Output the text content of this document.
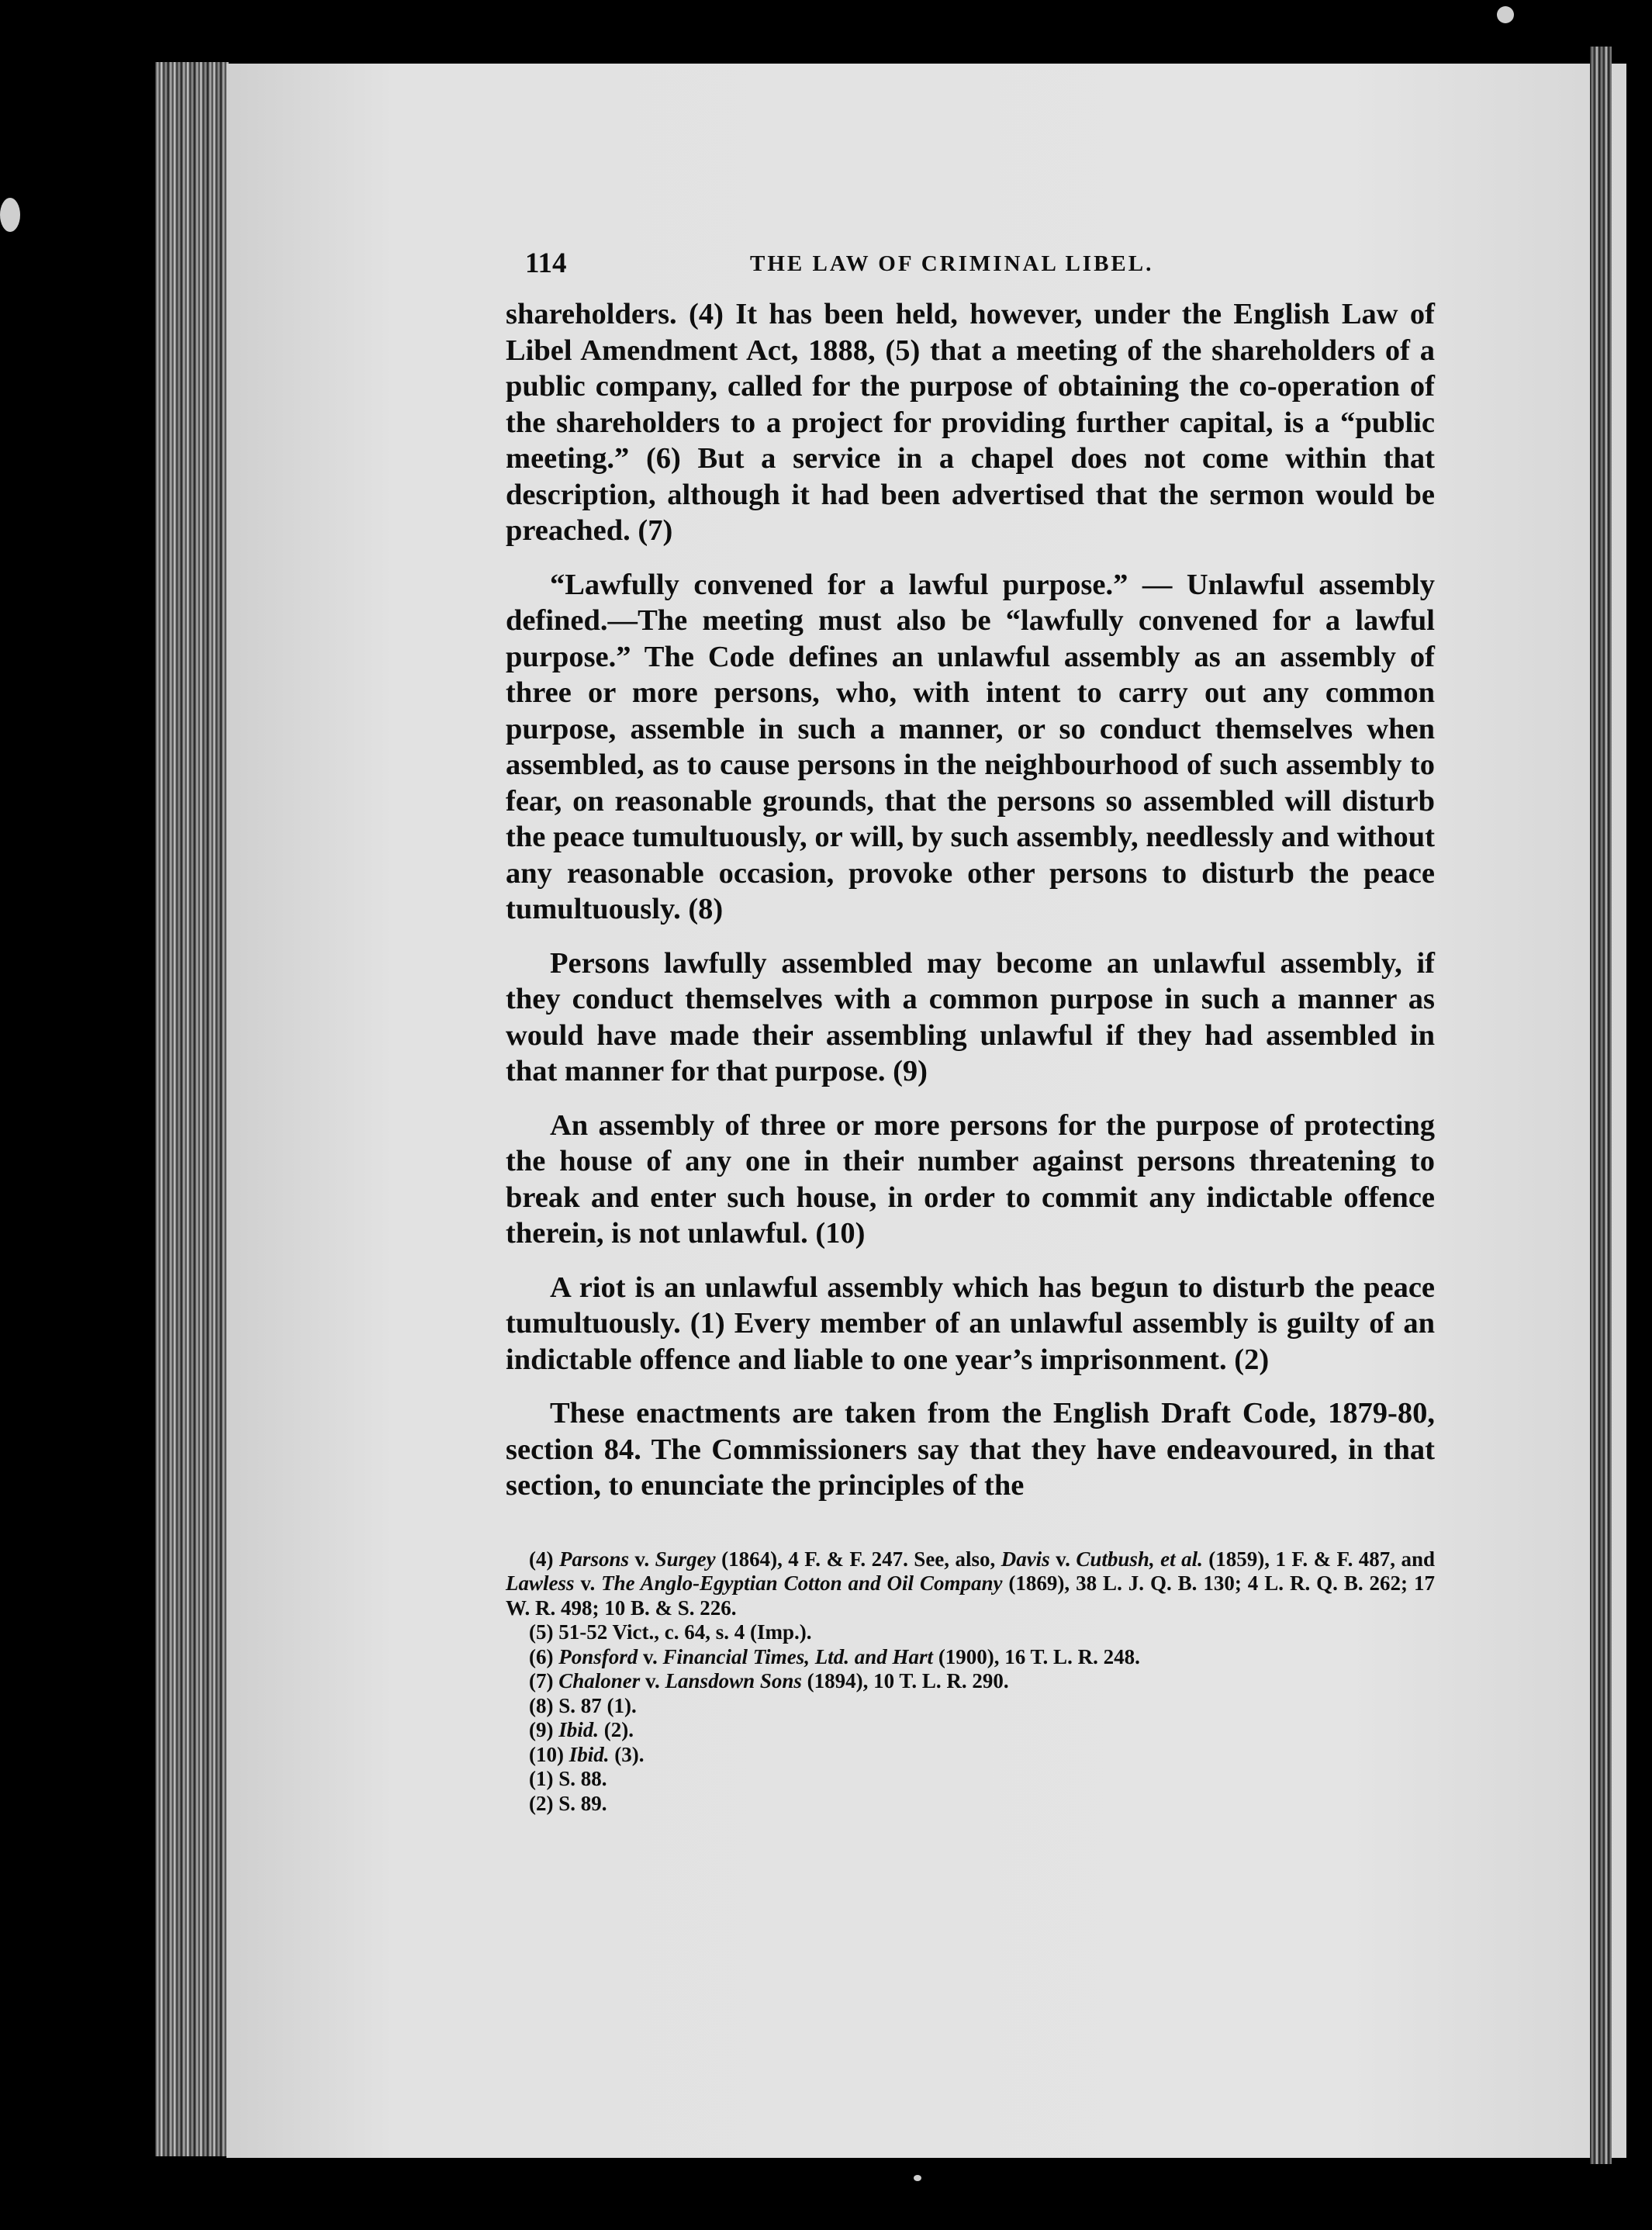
114	THE LAW OF CRIMINAL LIBEL.

shareholders. (4) It has been held, however, under the English Law of Libel Amendment Act, 1888, (5) that a meeting of the shareholders of a public company, called for the purpose of obtaining the co-operation of the shareholders to a project for providing further capital, is a “public meeting.” (6) But a service in a chapel does not come within that description, although it had been advertised that the sermon would be preached. (7)

“Lawfully convened for a lawful purpose.” — Unlawful assembly defined.—The meeting must also be “lawfully convened for a lawful purpose.” The Code defines an unlawful assembly as an assembly of three or more persons, who, with intent to carry out any common purpose, assemble in such a manner, or so conduct themselves when assembled, as to cause persons in the neighbourhood of such assembly to fear, on reasonable grounds, that the persons so assembled will disturb the peace tumultuously, or will, by such assembly, needlessly and without any reasonable occasion, provoke other persons to disturb the peace tumultuously. (8)

Persons lawfully assembled may become an unlawful assembly, if they conduct themselves with a common purpose in such a manner as would have made their assembling unlawful if they had assembled in that manner for that purpose. (9)

An assembly of three or more persons for the purpose of protecting the house of any one in their number against persons threatening to break and enter such house, in order to commit any indictable offence therein, is not unlawful. (10)

A riot is an unlawful assembly which has begun to disturb the peace tumultuously. (1) Every member of an unlawful assembly is guilty of an indictable offence and liable to one year’s imprisonment. (2)

These enactments are taken from the English Draft Code, 1879-80, section 84. The Commissioners say that they have endeavoured, in that section, to enunciate the principles of the

(4) Parsons v. Surgey (1864), 4 F. & F. 247. See, also, Davis v. Cutbush, et al. (1859), 1 F. & F. 487, and Lawless v. The Anglo-Egyptian Cotton and Oil Company (1869), 38 L. J. Q. B. 130; 4 L. R. Q. B. 262; 17 W. R. 498; 10 B. & S. 226.

(5) 51-52 Vict., c. 64, s. 4 (Imp.).

(6) Ponsford v. Financial Times, Ltd. and Hart (1900), 16 T. L. R. 248.

(7) Chaloner v. Lansdown Sons (1894), 10 T. L. R. 290.

(8) S. 87 (1).

(9) Ibid. (2).

(10) Ibid. (3).

(1) S. 88.

(2) S. 89.
